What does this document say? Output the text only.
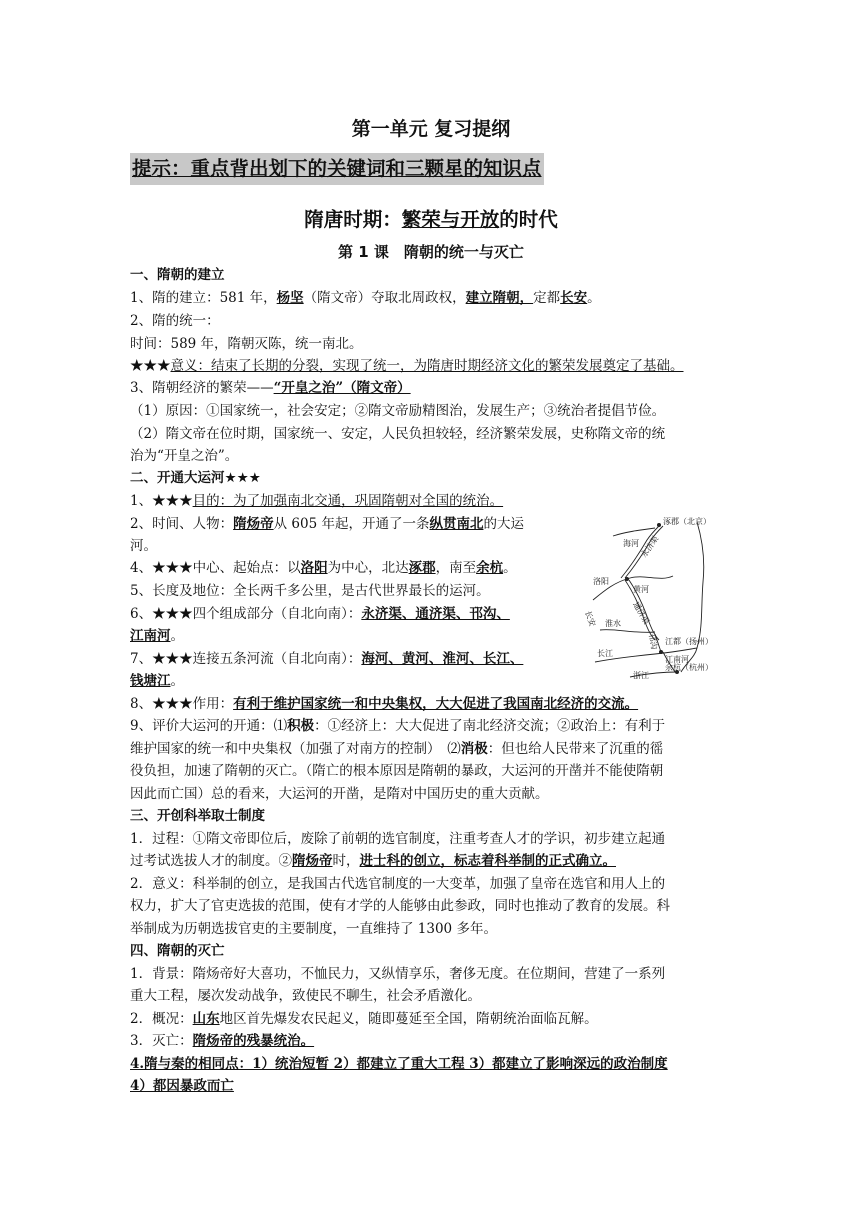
第一单元 复习提纲
提示：重点背出划下的关键词和三颗星的知识点
隋唐时期：繁荣与开放的时代
第 1 课　隋朝的统一与灭亡
一、隋朝的建立
1、隋的建立：581 年，杨坚（隋文帝）夺取北周政权，建立隋朝，定都长安。
2、隋的统一：
时间：589 年，隋朝灭陈，统一南北。
★★★意义：结束了长期的分裂，实现了统一，为隋唐时期经济文化的繁荣发展奠定了基础。
3、隋朝经济的繁荣——“开皇之治”（隋文帝）
（1）原因：①国家统一，社会安定；②隋文帝励精图治，发展生产；③统治者提倡节俭。
（2）隋文帝在位时期，国家统一、安定，人民负担较轻，经济繁荣发展，史称隋文帝的统
治为“开皇之治”。
二、开通大运河★★★
1、★★★目的：为了加强南北交通，巩固隋朝对全国的统治。
2、时间、人物：隋炀帝从 605 年起，开通了一条纵贯南北的大运
河。
4、★★★中心、起始点：以洛阳为中心，北达涿郡，南至余杭。
5、长度及地位：全长两千多公里，是古代世界最长的运河。
6、★★★四个组成部分（自北向南）：永济渠、通济渠、邗沟、
江南河。
7、★★★连接五条河流（自北向南）：海河、黄河、淮河、长江、
钱塘江。
8、★★★作用：有利于维护国家统一和中央集权，大大促进了我国南北经济的交流。
9、评价大运河的开通：⑴积极：①经济上：大大促进了南北经济交流；②政治上：有利于
维护国家的统一和中央集权（加强了对南方的控制）　⑵消极：但也给人民带来了沉重的徭
役负担，加速了隋朝的灭亡。（隋亡的根本原因是隋朝的暴政，大运河的开凿并不能使隋朝
因此而亡国）总的看来，大运河的开凿，是隋对中国历史的重大贡献。
三、开创科举取士制度
1．过程：①隋文帝即位后，废除了前朝的选官制度，注重考查人才的学识，初步建立起通
过考试选拔人才的制度。②隋炀帝时，进士科的创立，标志着科举制的正式确立。
2．意义：科举制的创立，是我国古代选官制度的一大变革，加强了皇帝在选官和用人上的
权力，扩大了官吏选拔的范围，使有才学的人能够由此参政，同时也推动了教育的发展。科
举制成为历朝选拔官吏的主要制度，一直维持了 1300 多年。
四、隋朝的灭亡
1．背景：隋炀帝好大喜功，不恤民力，又纵情享乐，奢侈无度。在位期间，营建了一系列
重大工程，屡次发动战争，致使民不聊生，社会矛盾激化。
2．概况：山东地区首先爆发农民起义，随即蔓延至全国，隋朝统治面临瓦解。
3．灭亡：隋炀帝的残暴统治。
4.隋与秦的相同点：1）统治短暂 2）都建立了重大工程 3）都建立了影响深远的政治制度
4）都因暴政而亡
涿郡（北京）
海河 永济渠
洛阳
黄河
长安	通济渠
淮水
邗沟 江都（扬州）
长江
江南河
浙江
余杭（杭州）
